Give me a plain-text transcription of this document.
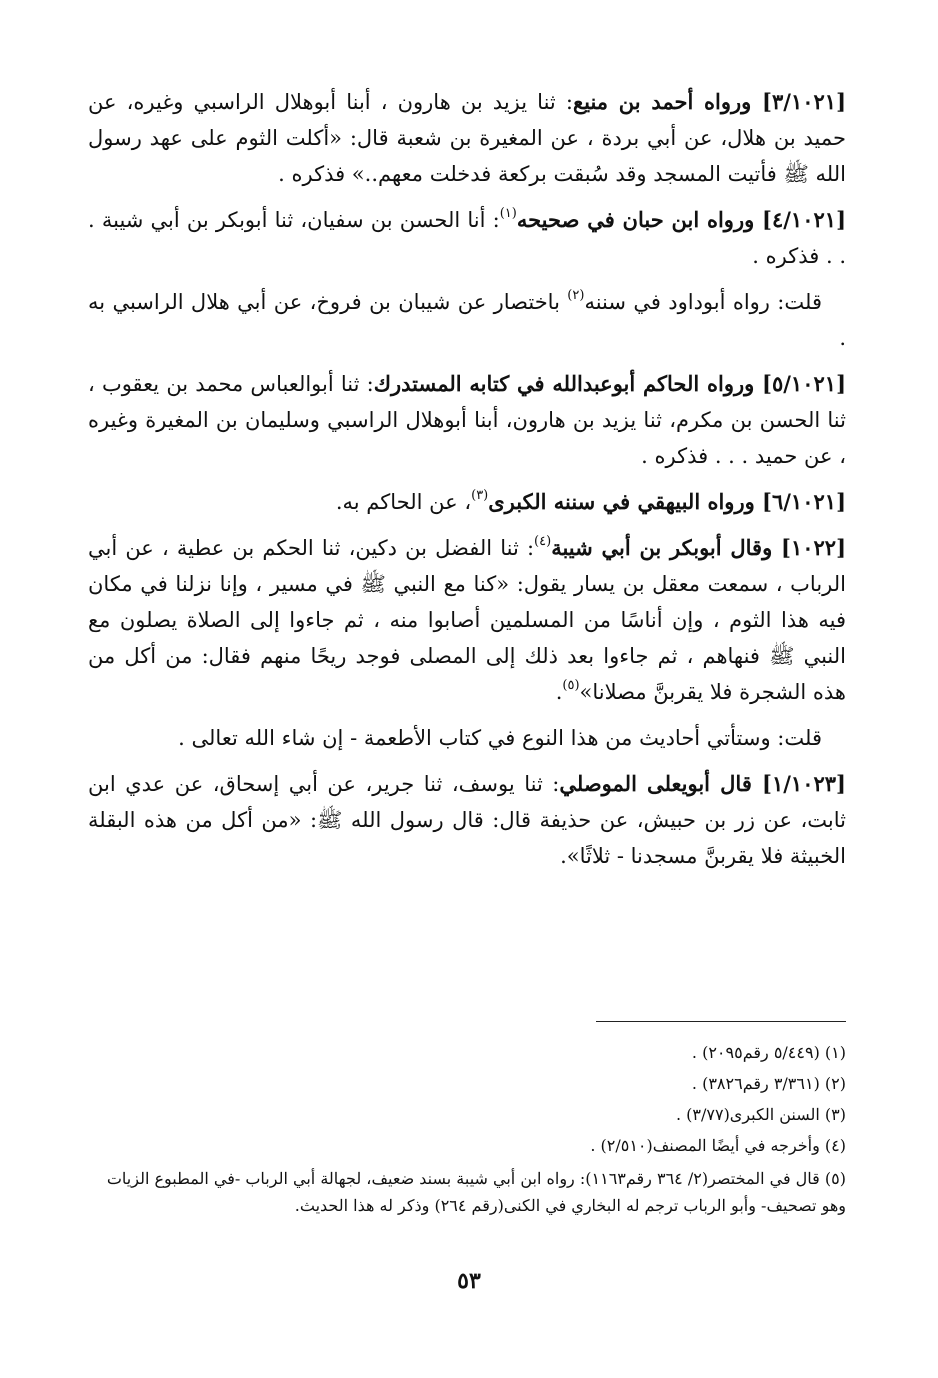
[٣/١٠٢١] ورواه أحمد بن منيع: ثنا يزيد بن هارون ، أبنا أبوهلال الراسبي وغيره، عن حميد بن هلال، عن أبي بردة ، عن المغيرة بن شعبة قال: «أكلت الثوم على عهد رسول الله ﷺ فأتيت المسجد وقد سُبقت بركعة فدخلت معهم..» فذكره .

[٤/١٠٢١] ورواه ابن حبان في صحيحه$^{(١)}$: أنا الحسن بن سفيان، ثنا أبوبكر بن أبي شيبة . . . فذكره .

قلت: رواه أبوداود في سننه$^{(٢)}$ باختصار عن شيبان بن فروخ، عن أبي هلال الراسبي به .

[٥/١٠٢١] ورواه الحاكم أبوعبدالله في كتابه المستدرك: ثنا أبوالعباس محمد بن يعقوب ، ثنا الحسن بن مكرم، ثنا يزيد بن هارون، أبنا أبوهلال الراسبي وسليمان بن المغيرة وغيره ، عن حميد . . . فذكره .

[٦/١٠٢١] ورواه البيهقي في سننه الكبرى$^{(٣)}$، عن الحاكم به.

[١٠٢٢] وقال أبوبكر بن أبي شيبة$^{(٤)}$: ثنا الفضل بن دكين، ثنا الحكم بن عطية ، عن أبي الرباب ، سمعت معقل بن يسار يقول: «كنا مع النبي ﷺ في مسير ، وإنا نزلنا في مكان فيه هذا الثوم ، وإن أناسًا من المسلمين أصابوا منه ، ثم جاءوا إلى الصلاة يصلون مع النبي ﷺ فنهاهم ، ثم جاءوا بعد ذلك إلى المصلى فوجد ريحًا منهم فقال: من أكل من هذه الشجرة فلا يقربنَّ مصلانا»$^{(٥)}$.

قلت: وستأتي أحاديث من هذا النوع في كتاب الأطعمة - إن شاء الله تعالى .

[١/١٠٢٣] قال أبويعلى الموصلي: ثنا يوسف، ثنا جرير، عن أبي إسحاق، عن عدي ابن ثابت، عن زر بن حبيش، عن حذيفة قال: قال رسول الله ﷺ: «من أكل من هذه البقلة الخبيثة فلا يقربنَّ مسجدنا - ثلاثًا».

(١) (٥/٤٤٩ رقم٢٠٩٥) .

(٢) (٣/٣٦١ رقم٣٨٢٦) .

(٣) السنن الكبرى(٣/٧٧) .

(٤) وأخرجه في أيضًا المصنف(٢/٥١٠) .

(٥) قال في المختصر(٢/ ٣٦٤ رقم١١٦٣): رواه ابن أبي شيبة بسند ضعيف، لجهالة أبي الرباب -في المطبوع الزيات وهو تصحيف- وأبو الرباب ترجم له البخاري في الكنى(رقم ٢٦٤) وذكر له هذا الحديث.

٥٣
